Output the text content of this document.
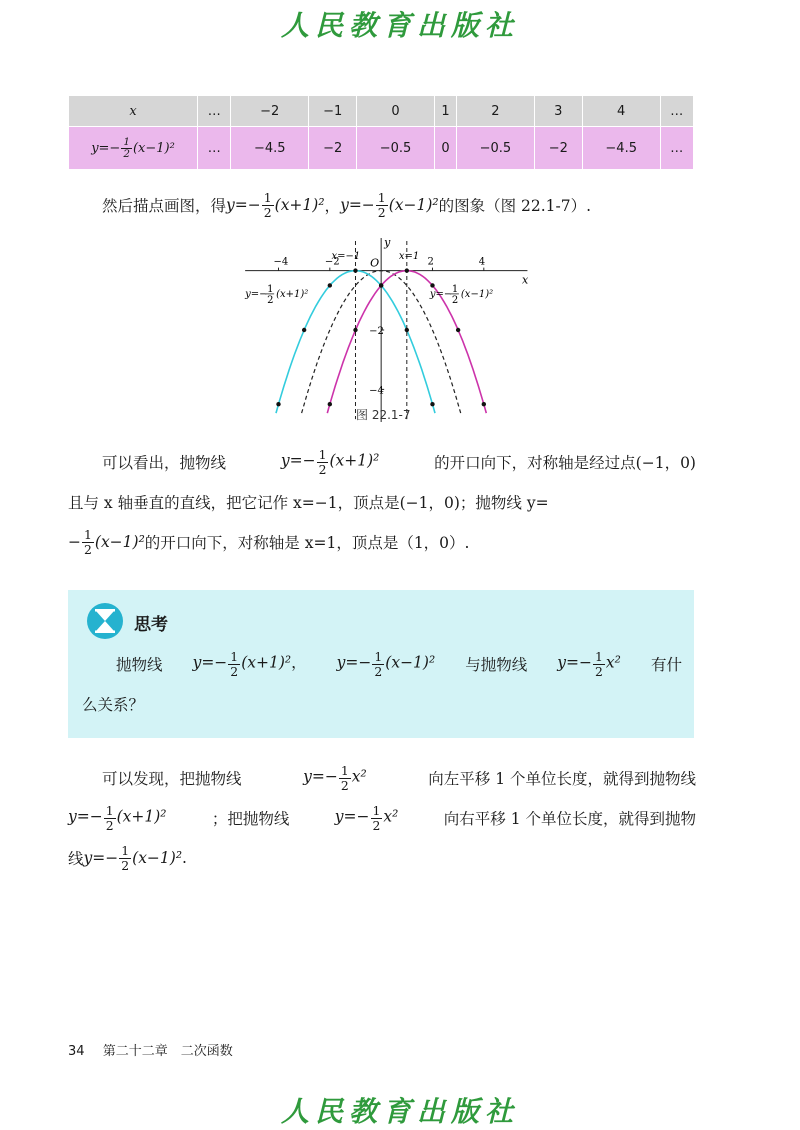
人民教育出版社
x	…	−2	−1	0	1	2	3	4	…
$y=- \frac{1}{2} (x-1)^2$	…	−4.5	−2	−0.5	0	−0.5	−2	−4.5	…
然后描点画图，得 $y=- \frac{1}{2} (x+1)^2$ ， $y=- \frac{1}{2} (x-1)^2$ 的图象（图 22.1-7）.
−4	−2	2	4
−2
−4
x
y
O
x=−1	x=1
y=− 1
2
(x+1)²	y=− 1
2
(x−1)²
图 22.1-7
可以看出，抛物线	$y=- \frac{1}{2} (x+1)^2$	的开口向下，对称轴是经过点(−1，0)
且与 x 轴垂直的直线，把它记作 x=−1，顶点是(−1，0)；抛物线 y=
− $\frac{1}{2} (x-1)^2$ 的开口向下，对称轴是 x=1，顶点是（1，0）.
思考
抛物线 $y=- \frac{1}{2} (x+1)^2$， $y=- \frac{1}{2} (x-1)^2$ 与抛物线 $y=- \frac{1}{2} x^2$ 有什
么关系？
可以发现，把抛物线	$y=- \frac{1}{2} x^2$	向左平移 1 个单位长度，就得到抛物线
$y=- \frac{1}{2} (x+1)^2$	；把抛物线	$y=- \frac{1}{2} x^2$	向右平移 1 个单位长度，就得到抛物
线 $y=- \frac{1}{2} (x-1)^2$ .
34 第二十二章　二次函数
人民教育出版社
